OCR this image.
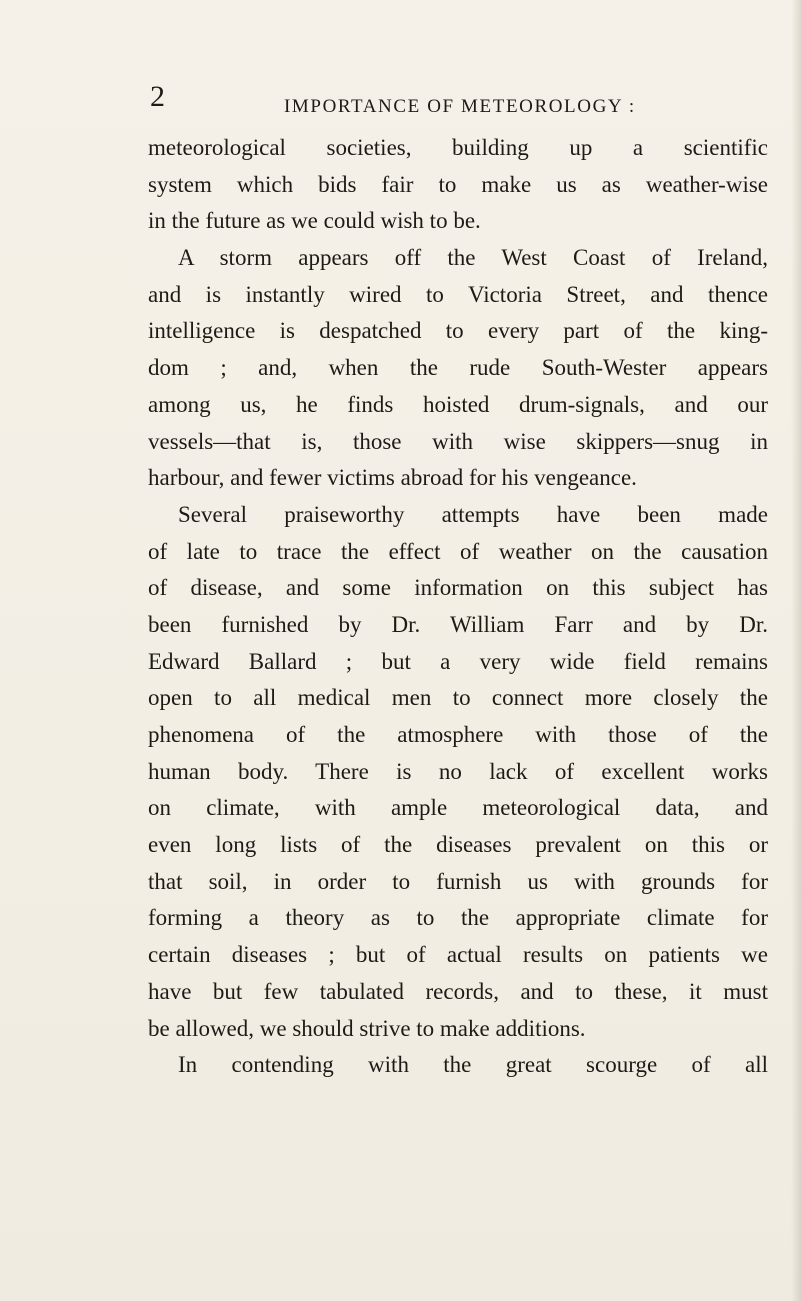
2	IMPORTANCE OF METEOROLOGY :
meteorological societies, building up a scientific
system which bids fair to make us as weather-wise
in the future as we could wish to be.
A storm appears off the West Coast of Ireland,
and is instantly wired to Victoria Street, and thence
intelligence is despatched to every part of the king-
dom ; and, when the rude South-Wester appears
among us, he finds hoisted drum-signals, and our
vessels—that is, those with wise skippers—snug in
harbour, and fewer victims abroad for his vengeance.
Several praiseworthy attempts have been made
of late to trace the effect of weather on the causation
of disease, and some information on this subject has
been furnished by Dr. William Farr and by Dr.
Edward Ballard ; but a very wide field remains
open to all medical men to connect more closely the
phenomena of the atmosphere with those of the
human body. There is no lack of excellent works
on climate, with ample meteorological data, and
even long lists of the diseases prevalent on this or
that soil, in order to furnish us with grounds for
forming a theory as to the appropriate climate for
certain diseases ; but of actual results on patients we
have but few tabulated records, and to these, it must
be allowed, we should strive to make additions.
In contending with the great scourge of all
